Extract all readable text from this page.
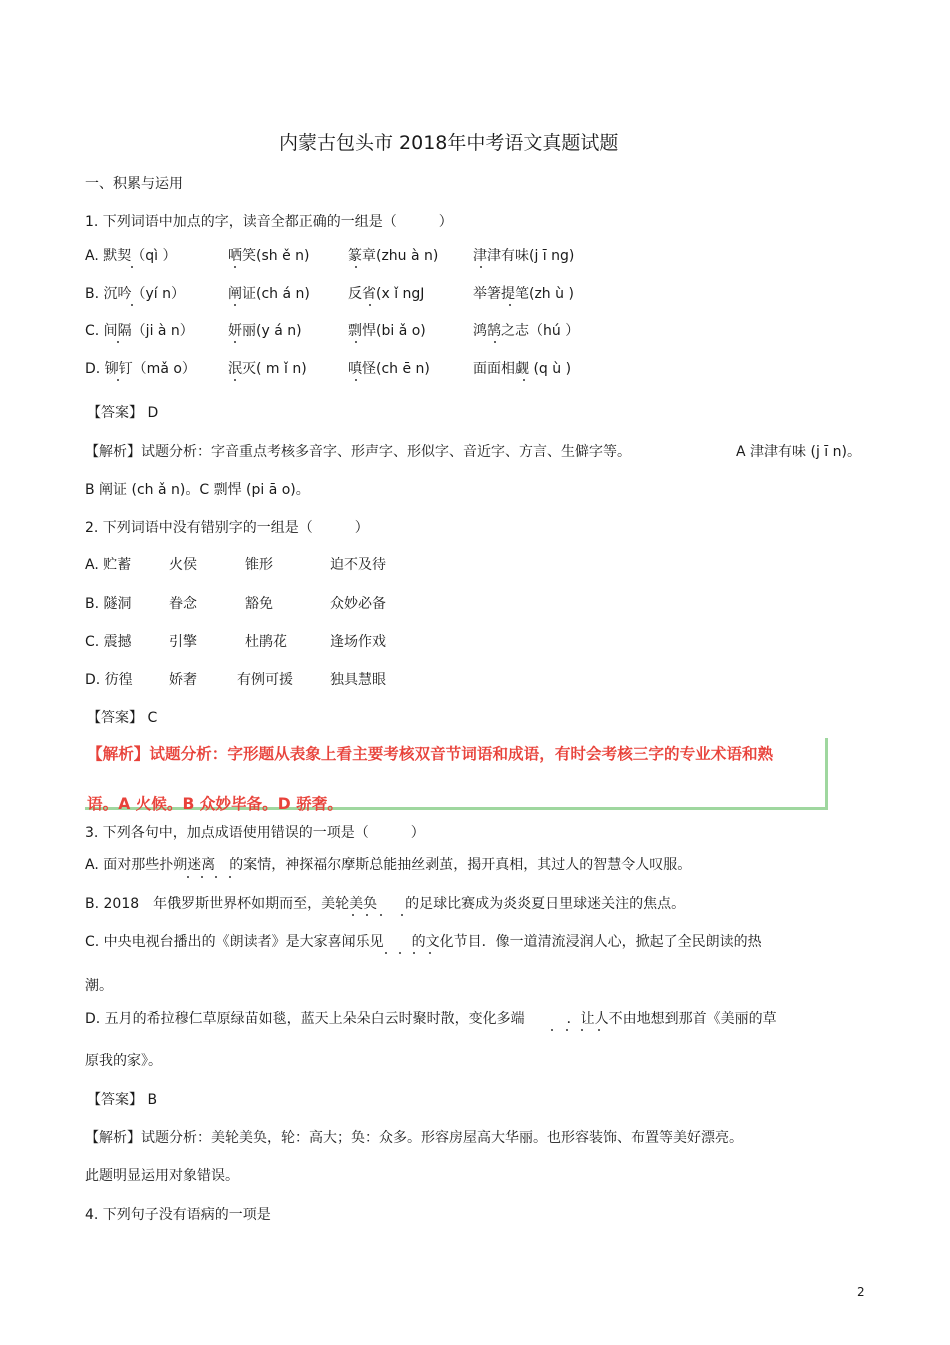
内蒙古包头市 2018年中考语文真题试题
一、积累与运用
1. 下列词语中加点的字，读音全都正确的一组是（　　　）
A. 默契（qì ）	哂笑(sh ě n)	篆章(zhu à n) 津津有味(j ī ng)
B. 沉吟（yí n）	阐证(ch á n)	反省(x ǐ ngJ	举箸提笔(zh ù )
C. 间隔（ji à n） 妍丽(y á n)	剽悍(bi ǎ o)	鸿鹄之志（hú ）
D. 铆钉（mǎ o） 泯灭( m ǐ n)	嗔怪(ch ē n)	面面相觑 (q ù )
【答案】 D
【解析】试题分析：字音重点考核多音字、形声字、形似字、音近字、方言、生僻字等。	A 津津有味 (j ī n)。
B 阐证 (ch ǎ n)。C 剽悍 (pi ā o)。
2. 下列词语中没有错别字的一组是（　　　）
A. 贮蓄	火侯	锥形	迫不及待
B. 隧洞	眷念	豁免	众妙必备
C. 震撼	引擎	杜鹃花	逢场作戏
D. 彷徨	娇奢	有例可援	独具慧眼
【答案】 C
【解析】试题分析：字形题从表象上看主要考核双音节词语和成语，有时会考核三字的专业术语和熟
语。A 火候。B 众妙毕备。D 骄奢。
3. 下列各句中，加点成语使用错误的一项是（　　　）
A. 面对那些扑朔迷离　的案情，神探福尔摩斯总能抽丝剥茧，揭开真相，其过人的智慧令人叹服。
B. 2018　年俄罗斯世界杯如期而至，美轮美奂　　的足球比赛成为炎炎夏日里球迷关注的焦点。
C. 中央电视台播出的《朗读者》是大家喜闻乐见　　的文化节目．像一道清流浸润人心，掀起了全民朗读的热
潮。
D. 五月的希拉穆仁草原绿苗如毯，蓝天上朵朵白云时聚时散，变化多端　　　．让人不由地想到那首《美丽的草
原我的家》。
【答案】 B
【解析】试题分析：美轮美奂，轮：高大；奂：众多。形容房屋高大华丽。也形容装饰、布置等美好漂亮。
此题明显运用对象错误。
4. 下列句子没有语病的一项是
2
